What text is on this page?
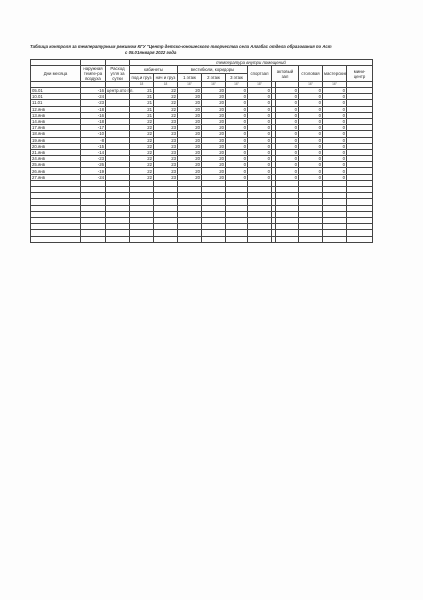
Таблица контроля за температурным режимом КГУ "Центр детско-юношеского творчества села Алгабас отдела образования по Аст
с 05.01января 2022 года
			температура внутри помещений										
Дни месяца	наружная темпе-ра воздуха	Расход угля за сутки	кабинеты		вестибюли, коридоры			спортзал	актовый зал		столовая	мастерские	мини-центр
			под.и груз	нач и груз	1 этаж	2 этаж	3 этаж						
			18	18	16°	16°	16°	18°			16°	16°	
05.01	-16	центр.ото пл.	21	22	20	20	0	0		0	0	0	
10.01	-24		21	22	20	20	0	0		0	0	0	
11.01	-23		21	22	20	20	0	0		0	0	0	
12.янв	-18		21	22	20	20	0	0		0	0	0	
13.янв	-16		21	22	20	20	0	0		0	0	0	
14.янв	-18		22	23	20	20	0	0		0	0	0	
17.янв	-17		22	23	20	20	0	0		0	0	0	
18.янв	-10		22	23	20	20	0	0		0	0	0	
19.янв	-8		22	23	20	20	0	0		0	0	0	
20.янв	-15		22	23	20	20	0	0		0	0	0	
21.янв	-14		22	23	20	20	0	0		0	0	0	
24.янв	-23		22	23	20	20	0	0		0	0	0	
25.янв	-26		22	23	20	20	0	0		0	0	0	
26.янв	-19		22	23	20	20	0	0		0	0	0	
27.янв	-24		22	23	20	20	0	0		0	0	0	
